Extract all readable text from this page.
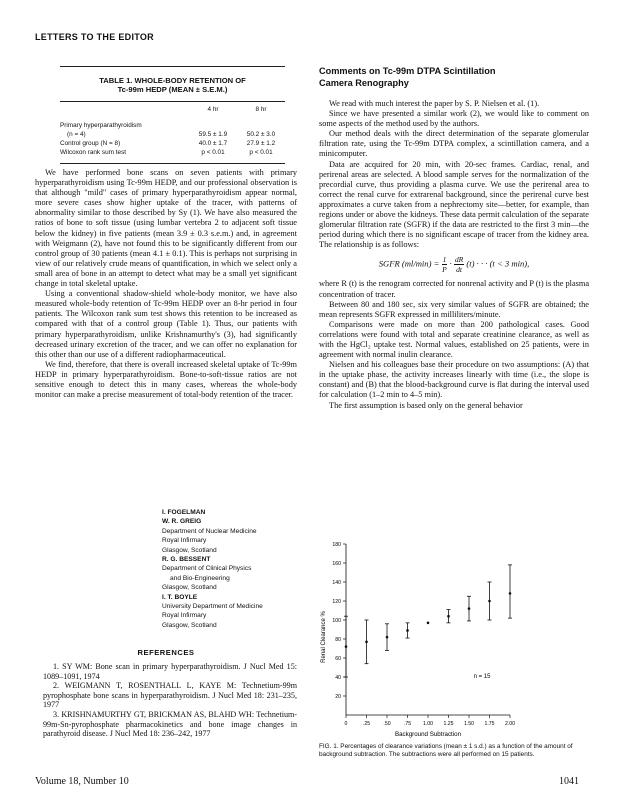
LETTERS TO THE EDITOR
TABLE 1. WHOLE-BODY RETENTION OF
Tc-99m HEDP (MEAN ± S.E.M.)
	4 hr	8 hr
Primary hyperparathyroidism		
(n = 4)	59.5 ± 1.9	50.2 ± 3.0
Control group (N = 8)	40.0 ± 1.7	27.9 ± 1.2
Wilcoxon rank sum test	p < 0.01	p < 0.01

We have performed bone scans on seven patients with primary hyperparathyroidism using Tc-99m HEDP, and our professional observation is that although "mild" cases of primary hyperparathyroidism appear normal, more severe cases show higher uptake of the tracer, with patterns of abnormality similar to those described by Sy (1). We have also measured the ratios of bone to soft tissue (using lumbar vertebra 2 to adjacent soft tissue below the kidney) in five patients (mean 3.9 ± 0.3 s.e.m.) and, in agreement with Weigmann (2), have not found this to be significantly different from our control group of 30 patients (mean 4.1 ± 0.1). This is perhaps not surprising in view of our relatively crude means of quantification, in which we select only a small area of bone in an attempt to detect what may be a small yet significant change in total skeletal uptake.

Using a conventional shadow-shield whole-body monitor, we have also measured whole-body retention of Tc-99m HEDP over an 8-hr period in four patients. The Wilcoxon rank sum test shows this retention to be increased as compared with that of a control group (Table 1). Thus, our patients with primary hyperparathyroidism, unlike Krishnamurthy's (3), had significantly decreased urinary excretion of the tracer, and we can offer no explanation for this other than our use of a different radiopharmaceutical.

We find, therefore, that there is overall increased skeletal uptake of Tc-99m HEDP in primary hyperparathyroidism. Bone-to-soft-tissue ratios are not sensitive enough to detect this in many cases, whereas the whole-body monitor can make a precise measurement of total-body retention of the tracer.

I. FOGELMAN
W. R. GREIG
Department of Nuclear Medicine
Royal Infirmary
Glasgow, Scotland
R. G. BESSENT
Department of Clinical Physics
and Bio-Engineering
Glasgow, Scotland
I. T. BOYLE
University Department of Medicine
Royal Infirmary
Glasgow, Scotland
REFERENCES

1. SY WM: Bone scan in primary hyperparathyroidism. J Nucl Med 15: 1089–1091, 1974

2. WEIGMANN T, ROSENTHALL L, KAYE M: Technetium-99m pyrophosphate bone scans in hyperparathyroidism. J Nucl Med 18: 231–235, 1977

3. KRISHNAMURTHY GT, BRICKMAN AS, BLAHD WH: Technetium-99m-Sn-pyrophosphate pharmacokinetics and bone image changes in parathyroid disease. J Nucl Med 18: 236–242, 1977

Comments on Tc-99m DTPA Scintillation
Camera Renography

We read with much interest the paper by S. P. Nielsen et al. (1).

Since we have presented a similar work (2), we would like to comment on some aspects of the method used by the authors.

Our method deals with the direct determination of the separate glomerular filtration rate, using the Tc-99m DTPA complex, a scintillation camera, and a minicomputer.

Data are acquired for 20 min, with 20-sec frames. Cardiac, renal, and perirenal areas are selected. A blood sample serves for the normalization of the precordial curve, thus providing a plasma curve. We use the perirenal area to correct the renal curve for extrarenal background, since the perirenal curve best approximates a curve taken from a nephrectomy site—better, for example, than regions under or above the kidneys. These data permit calculation of the separate glomerular filtration rate (SGFR) if the data are restricted to the first 3 min—the period during which there is no significant escape of tracer from the kidney area. The relationship is as follows:

SGFR $(ml/\min) = \frac{1}{P} \cdot \frac{dR}{dt} (t)$ · · · (t < 3 min),

where R (t) is the renogram corrected for nonrenal activity and P (t) is the plasma concentration of tracer.

Between 80 and 180 sec, six very similar values of SGFR are obtained; the mean represents SGFR expressed in milliliters/minute.

Comparisons were made on more than 200 pathological cases. Good correlations were found with total and separate creatinine clearance, as well as with the HgCl₂ uptake test. Normal values, established on 25 patients, were in agreement with normal inulin clearance.

Nielsen and his colleagues base their procedure on two assumptions: (A) that in the uptake phase, the activity increases linearly with time (i.e., the slope is constant) and (B) that the blood-background curve is flat during the interval used for calculation (1–2 min to 4–5 min).

The first assumption is based only on the general behavior

Renal Clearance %
20
40
60
80
100
120
140
160
180
0	.25	.50	.75 1.00 1.25 1.50 1.75 2.00
n = 15
Background Subtraction
FIG. 1. Percentages of clearance variations (mean ± 1 s.d.) as a function of the amount of background subtraction. The subtractions were all performed on 15 patients.
Volume 18, Number 10	1041
